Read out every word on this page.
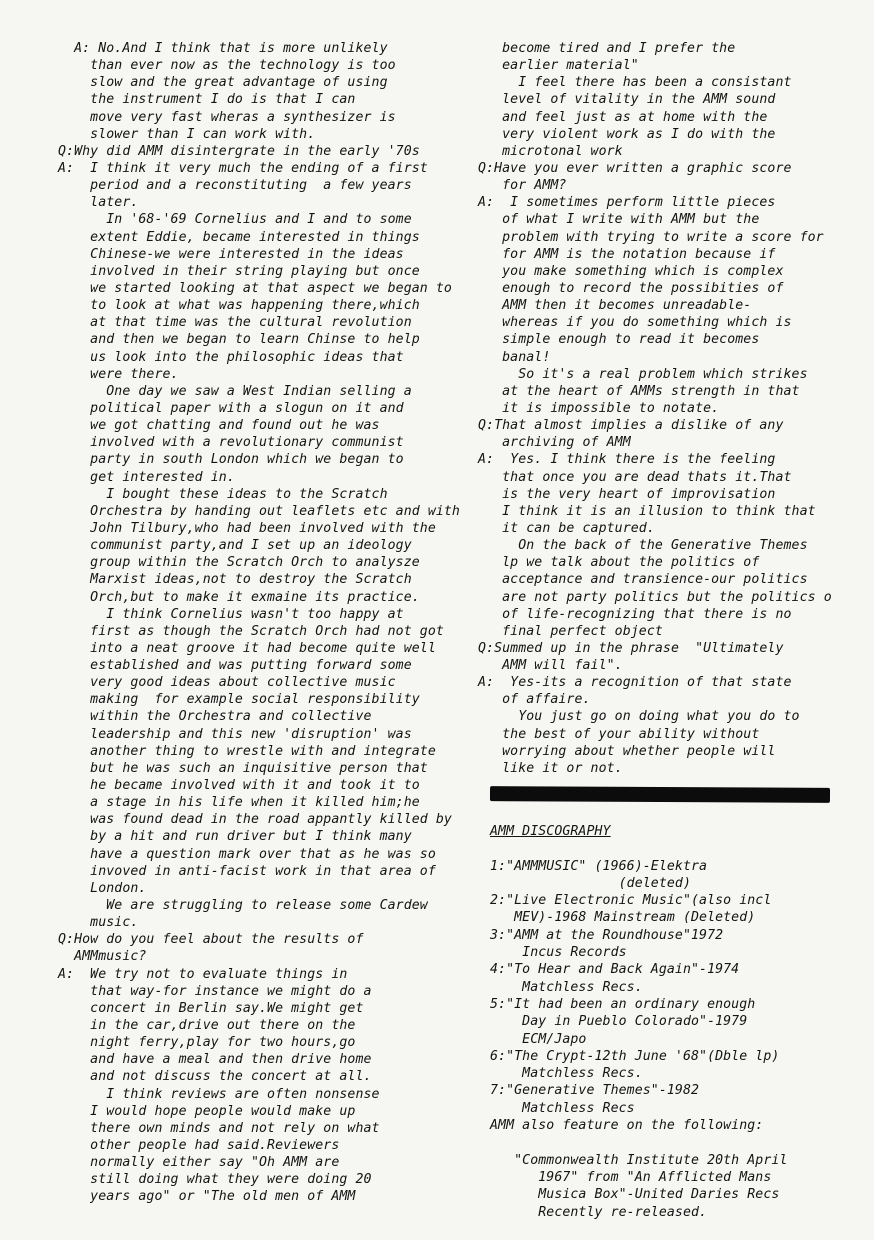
A: No.And I think that is more unlikely
than ever now as the technology is too
slow and the great advantage of using
the instrument I do is that I can
move very fast wheras a synthesizer is
slower than I can work with.
Q:Why did AMM disintergrate in the early '70s
A:  I think it very much the ending of a first
period and a reconstituting  a few years
later.
In '68-'69 Cornelius and I and to some
extent Eddie, became interested in things
Chinese-we were interested in the ideas
involved in their string playing but once
we started looking at that aspect we began to
to look at what was happening there,which
at that time was the cultural revolution
and then we began to learn Chinse to help
us look into the philosophic ideas that
were there.
One day we saw a West Indian selling a
political paper with a slogun on it and
we got chatting and found out he was
involved with a revolutionary communist
party in south London which we began to
get interested in.
I bought these ideas to the Scratch
Orchestra by handing out leaflets etc and with
John Tilbury,who had been involved with the
communist party,and I set up an ideology
group within the Scratch Orch to analysze
Marxist ideas,not to destroy the Scratch
Orch,but to make it exmaine its practice.
I think Cornelius wasn't too happy at
first as though the Scratch Orch had not got
into a neat groove it had become quite well
established and was putting forward some
very good ideas about collective music
making  for example social responsibility
within the Orchestra and collective
leadership and this new 'disruption' was
another thing to wrestle with and integrate
but he was such an inquisitive person that
he became involved with it and took it to
a stage in his life when it killed him;he
was found dead in the road appantly killed by
by a hit and run driver but I think many
have a question mark over that as he was so
invoved in anti-facist work in that area of
London.
We are struggling to release some Cardew
music.
Q:How do you feel about the results of
AMMmusic?
A:  We try not to evaluate things in
that way-for instance we might do a
concert in Berlin say.We might get
in the car,drive out there on the
night ferry,play for two hours,go
and have a meal and then drive home
and not discuss the concert at all.
I think reviews are often nonsense
I would hope people would make up
there own minds and not rely on what
other people had said.Reviewers
normally either say "Oh AMM are
still doing what they were doing 20
years ago" or "The old men of AMM
become tired and I prefer the
earlier material"
I feel there has been a consistant
level of vitality in the AMM sound
and feel just as at home with the
very violent work as I do with the
microtonal work
Q:Have you ever written a graphic score
for AMM?
A:  I sometimes perform little pieces
of what I write with AMM but the
problem with trying to write a score for
for AMM is the notation because if
you make something which is complex
enough to record the possibities of
AMM then it becomes unreadable-
whereas if you do something which is
simple enough to read it becomes
banal!
So it's a real problem which strikes
at the heart of AMMs strength in that
it is impossible to notate.
Q:That almost implies a dislike of any
archiving of AMM
A:  Yes. I think there is the feeling
that once you are dead thats it.That
is the very heart of improvisation
I think it is an illusion to think that
it can be captured.
On the back of the Generative Themes
lp we talk about the politics of
acceptance and transience-our politics
are not party politics but the politics o
of life-recognizing that there is no
final perfect object
Q:Summed up in the phrase  "Ultimately
AMM will fail".
A:  Yes-its a recognition of that state
of affaire.
You just go on doing what you do to
the best of your ability without
worrying about whether people will
like it or not.
AMM DISCOGRAPHY
1:"AMMMUSIC" (1966)-Elektra
(deleted)
2:"Live Electronic Music"(also incl
MEV)-1968 Mainstream (Deleted)
3:"AMM at the Roundhouse"1972
Incus Records
4:"To Hear and Back Again"-1974
Matchless Recs.
5:"It had been an ordinary enough
Day in Pueblo Colorado"-1979
ECM/Japo
6:"The Crypt-12th June '68"(Dble lp)
Matchless Recs.
7:"Generative Themes"-1982
Matchless Recs
AMM also feature on the following:
"Commonwealth Institute 20th April
1967" from "An Afflicted Mans
Musica Box"-United Daries Recs
Recently re-released.
